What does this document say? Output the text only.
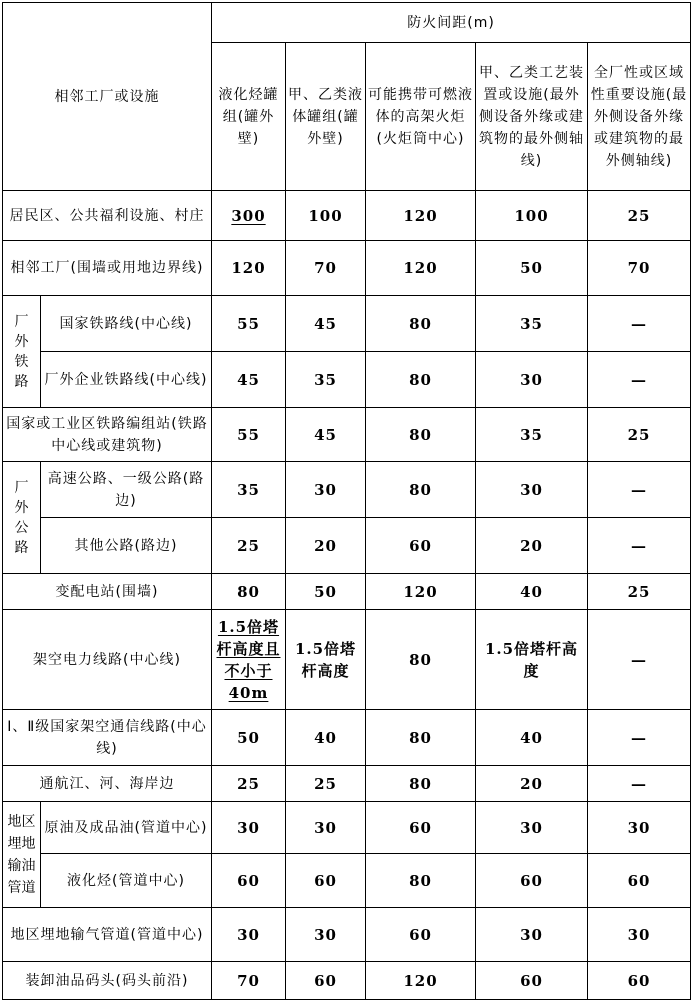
相邻工厂或设施		防火间距(m)				
		液化烃罐组(罐外壁)	甲、乙类液体罐组(罐外壁)	可能携带可燃液体的高架火炬(火炬筒中心)	甲、乙类工艺装置或设施(最外侧设备外缘或建筑物的最外侧轴线)	全厂性或区域性重要设施(最外侧设备外缘或建筑物的最外侧轴线)
居民区、公共福利设施、村庄		300	100	120	100	25
相邻工厂(围墙或用地边界线)		120	70	120	50	70

厂外铁路	国家铁路线(中心线)	55	45	80	35	—
	厂外企业铁路线(中心线)	45	35	80	30	—
国家或工业区铁路编组站(铁路中心线或建筑物)		55	45	80	35	25

厂外公路	高速公路、一级公路(路边)	35	30	80	30	—
	其他公路(路边)	25	20	60	20	—
变配电站(围墙)		80	50	120	40	25
架空电力线路(中心线)		1.5倍塔杆高度且不小于40m	1.5倍塔杆高度	80	1.5倍塔杆高度	—
Ⅰ、Ⅱ级国家架空通信线路(中心线)		50	40	80	40	—
通航江、河、海岸边		25	25	80	20	—

地区埋地输油管道	原油及成品油(管道中心)	30	30	60	30	30
	液化烃(管道中心)	60	60	80	60	60
地区埋地输气管道(管道中心)		30	30	60	30	30
装卸油品码头(码头前沿)		70	60	120	60	60
